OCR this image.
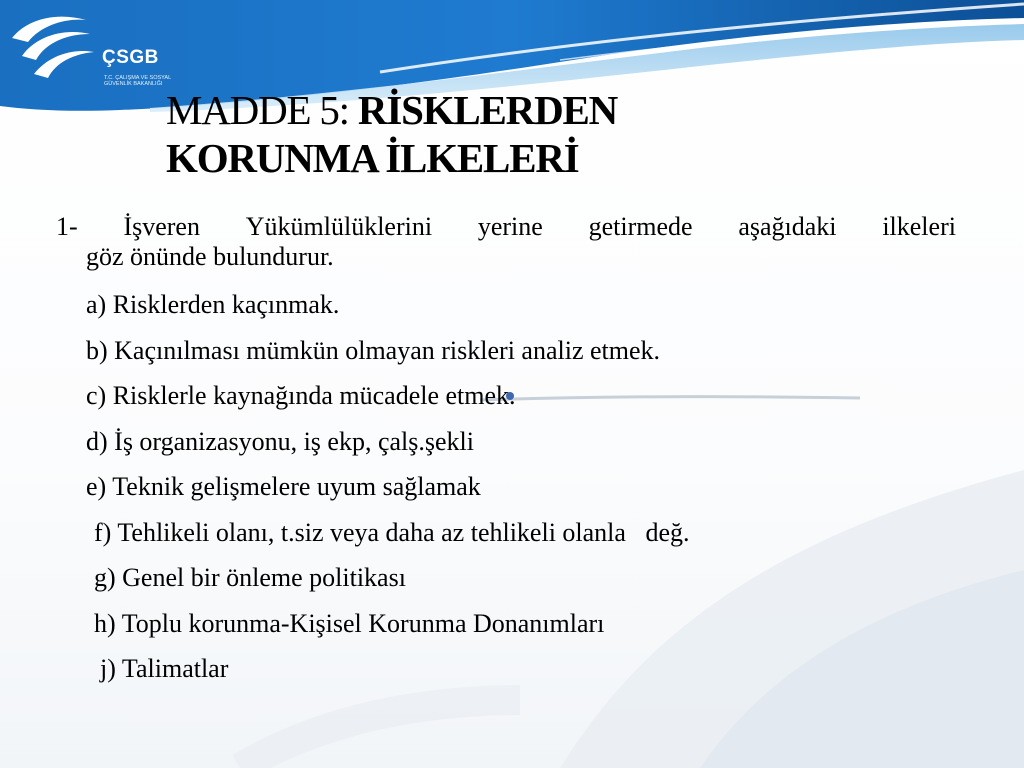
ÇSGB
T.C. ÇALIŞMA VE SOSYAL GÜVENLİK BAKANLIĞI
MADDE 5: RİSKLERDEN
KORUNMA İLKELERİ
1- İşveren Yükümlülüklerini yerine getirmede aşağıdaki ilkeleri
göz önünde bulundurur.
a) Risklerden kaçınmak.
b) Kaçınılması mümkün olmayan riskleri analiz etmek.
c) Risklerle kaynağında mücadele etmek.
d) İş organizasyonu, iş ekp, çalş.şekli
e) Teknik gelişmelere uyum sağlamak
f) Tehlikeli olanı, t.siz veya daha az tehlikeli olanla   değ.
g) Genel bir önleme politikası
h) Toplu korunma-Kişisel Korunma Donanımları
j) Talimatlar
